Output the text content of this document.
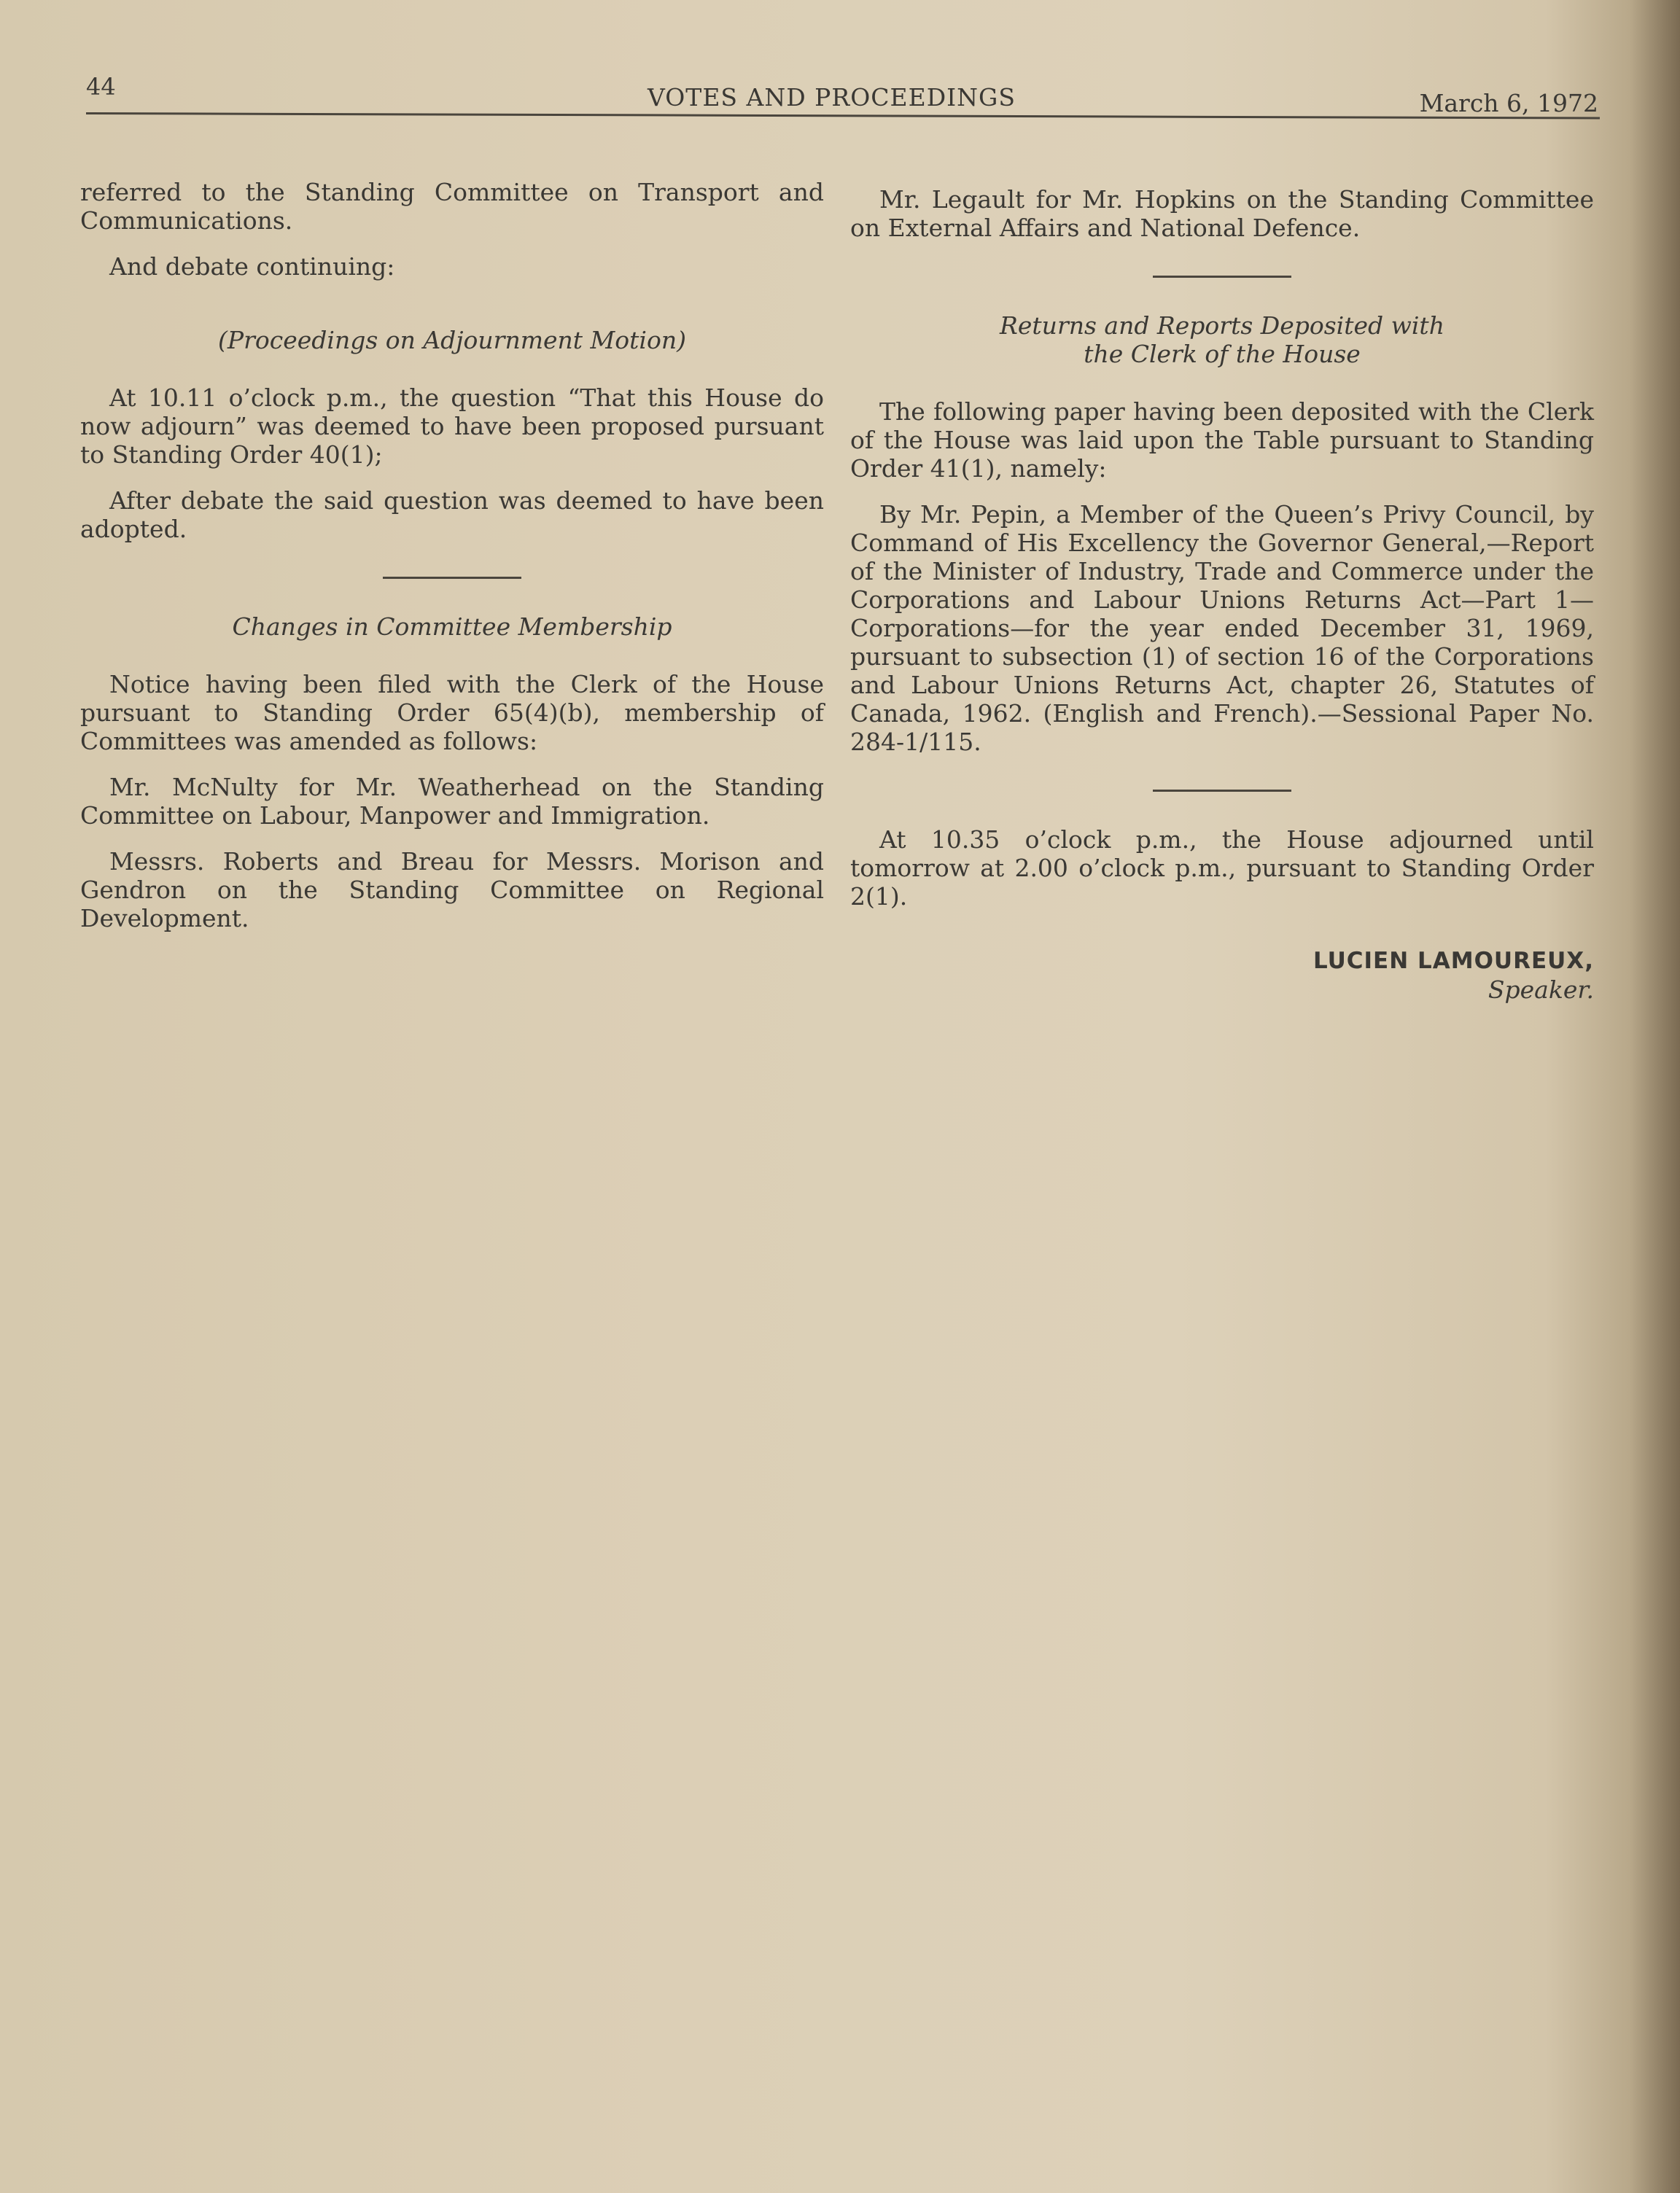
44	VOTES AND PROCEEDINGS	March 6, 1972

referred to the Standing Committee on Transport and Communications.

And debate continuing:

(Proceedings on Adjournment Motion)

At 10.11 o’clock p.m., the question “That this House do now adjourn” was deemed to have been proposed pursuant to Standing Order 40(1);

After debate the said question was deemed to have been adopted.

Changes in Committee Membership

Notice having been filed with the Clerk of the House pursuant to Standing Order 65(4)(b), membership of Committees was amended as follows:

Mr. McNulty for Mr. Weatherhead on the Standing Committee on Labour, Manpower and Immigration.

Messrs. Roberts and Breau for Messrs. Morison and Gendron on the Standing Committee on Regional Development.

Mr. Legault for Mr. Hopkins on the Standing Committee on External Affairs and National Defence.

Returns and Reports Deposited with
the Clerk of the House

The following paper having been deposited with the Clerk of the House was laid upon the Table pursuant to Standing Order 41(1), namely:

By Mr. Pepin, a Member of the Queen’s Privy Council, by Command of His Excellency the Governor General,—Report of the Minister of Industry, Trade and Commerce under the Corporations and Labour Unions Returns Act—Part 1—Corporations—for the year ended December 31, 1969, pursuant to subsection (1) of section 16 of the Corporations and Labour Unions Returns Act, chapter 26, Statutes of Canada, 1962. (English and French).—Sessional Paper No. 284-1/115.

At 10.35 o’clock p.m., the House adjourned until tomorrow at 2.00 o’clock p.m., pursuant to Standing Order 2(1).

LUCIEN LAMOUREUX,
Speaker.
